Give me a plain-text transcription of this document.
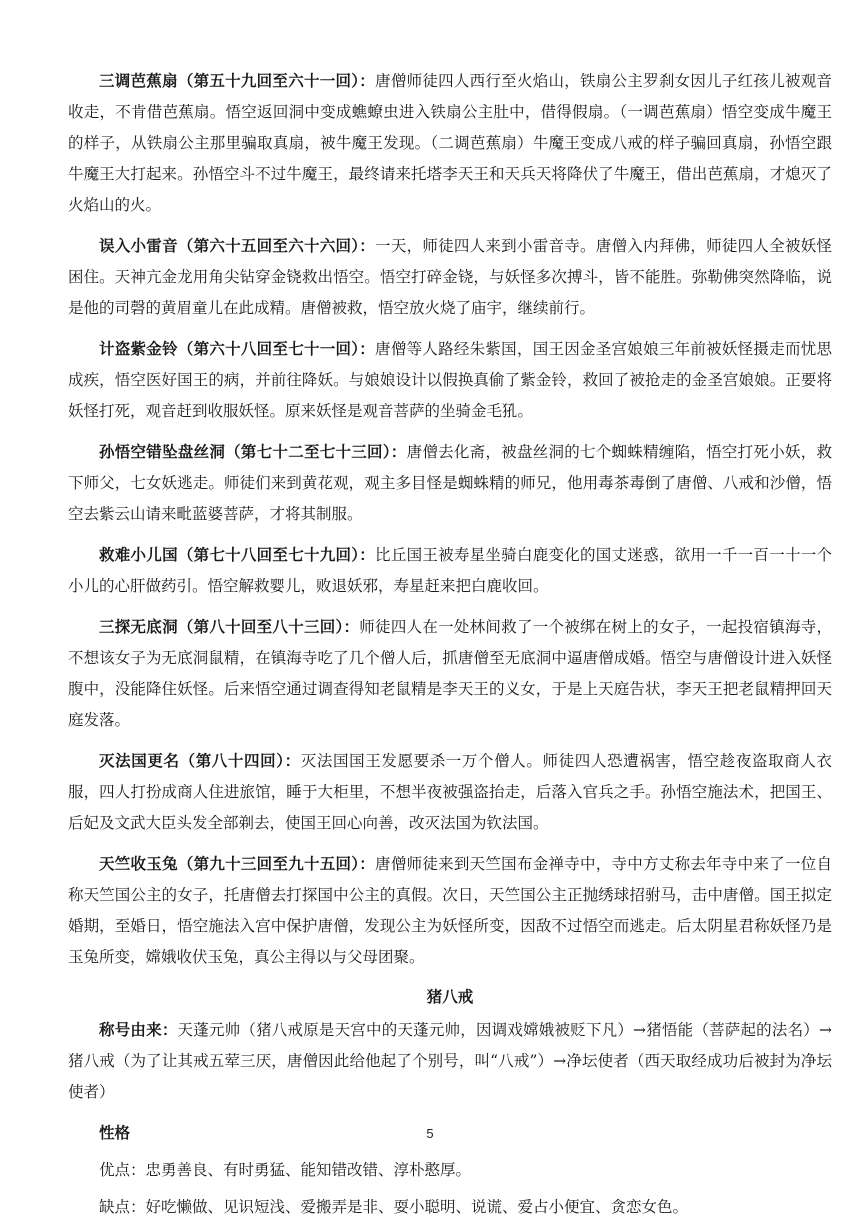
三调芭蕉扇（第五十九回至六十一回）：唐僧师徒四人西行至火焰山，铁扇公主罗刹女因儿子红孩儿被观音收走，不肯借芭蕉扇。悟空返回洞中变成蟭蟟虫进入铁扇公主肚中，借得假扇。（一调芭蕉扇）悟空变成牛魔王的样子，从铁扇公主那里骗取真扇，被牛魔王发现。（二调芭蕉扇）牛魔王变成八戒的样子骗回真扇，孙悟空跟牛魔王大打起来。孙悟空斗不过牛魔王，最终请来托塔李天王和天兵天将降伏了牛魔王，借出芭蕉扇，才熄灭了火焰山的火。

误入小雷音（第六十五回至六十六回）：一天，师徒四人来到小雷音寺。唐僧入内拜佛，师徒四人全被妖怪困住。天神亢金龙用角尖钻穿金铙救出悟空。悟空打碎金铙，与妖怪多次搏斗，皆不能胜。弥勒佛突然降临，说是他的司磬的黄眉童儿在此成精。唐僧被救，悟空放火烧了庙宇，继续前行。

计盗紫金铃（第六十八回至七十一回）：唐僧等人路经朱紫国，国王因金圣宫娘娘三年前被妖怪摄走而忧思成疾，悟空医好国王的病，并前往降妖。与娘娘设计以假换真偷了紫金铃，救回了被抢走的金圣宫娘娘。正要将妖怪打死，观音赶到收服妖怪。原来妖怪是观音菩萨的坐骑金毛犼。

孙悟空错坠盘丝洞（第七十二至七十三回）：唐僧去化斋，被盘丝洞的七个蜘蛛精缠陷，悟空打死小妖，救下师父，七女妖逃走。师徒们来到黄花观，观主多目怪是蜘蛛精的师兄，他用毒茶毒倒了唐僧、八戒和沙僧，悟空去紫云山请来毗蓝婆菩萨，才将其制服。

救难小儿国（第七十八回至七十九回）：比丘国王被寿星坐骑白鹿变化的国丈迷惑，欲用一千一百一十一个小儿的心肝做药引。悟空解救婴儿，败退妖邪，寿星赶来把白鹿收回。

三探无底洞（第八十回至八十三回）：师徒四人在一处林间救了一个被绑在树上的女子，一起投宿镇海寺，不想该女子为无底洞鼠精，在镇海寺吃了几个僧人后，抓唐僧至无底洞中逼唐僧成婚。悟空与唐僧设计进入妖怪腹中，没能降住妖怪。后来悟空通过调查得知老鼠精是李天王的义女，于是上天庭告状，李天王把老鼠精押回天庭发落。

灭法国更名（第八十四回）：灭法国国王发愿要杀一万个僧人。师徒四人恐遭祸害，悟空趁夜盗取商人衣服，四人打扮成商人住进旅馆，睡于大柜里，不想半夜被强盗抬走，后落入官兵之手。孙悟空施法术，把国王、后妃及文武大臣头发全部剃去，使国王回心向善，改灭法国为钦法国。

天竺收玉兔（第九十三回至九十五回）：唐僧师徒来到天竺国布金禅寺中，寺中方丈称去年寺中来了一位自称天竺国公主的女子，托唐僧去打探国中公主的真假。次日，天竺国公主正抛绣球招驸马，击中唐僧。国王拟定婚期，至婚日，悟空施法入宫中保护唐僧，发现公主为妖怪所变，因敌不过悟空而逃走。后太阴星君称妖怪乃是玉兔所变，嫦娥收伏玉兔，真公主得以与父母团聚。

猪八戒

称号由来：天蓬元帅（猪八戒原是天宫中的天蓬元帅，因调戏嫦娥被贬下凡）→猪悟能（菩萨起的法名）→猪八戒（为了让其戒五荤三厌，唐僧因此给他起了个别号，叫“八戒”）→净坛使者（西天取经成功后被封为净坛使者）

性格

优点：忠勇善良、有时勇猛、能知错改错、淳朴憨厚。

缺点：好吃懒做、见识短浅、爱搬弄是非、耍小聪明、说谎、爱占小便宜、贪恋女色。

5
